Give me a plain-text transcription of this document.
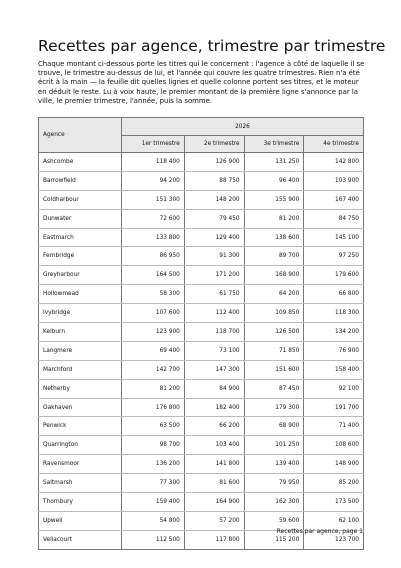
Recettes par agence, trimestre par trimestre

Chaque montant ci-dessous porte les titres qui le concernent : l'agence à côté de laquelle il se trouve, le trimestre au-dessus de lui, et l'année qui couvre les quatre trimestres. Rien n'a été écrit à la main — la feuille dit quelles lignes et quelle colonne portent ses titres, et le moteur en déduit le reste. Lu à voix haute, le premier montant de la première ligne s'annonce par la ville, le premier trimestre, l'année, puis la somme.

Agence	2026			
	1er trimestre	2e trimestre	3e trimestre	4e trimestre
Ashcombe	118 400	126 900	131 250	142 800
Barrowfield	94 200	88 750	96 400	103 900
Coldharbour	151 300	148 200	155 900	167 400
Dunwater	72 600	79 450	81 200	84 750
Eastmarch	133 800	129 400	138 600	145 100
Fernbridge	86 950	91 300	89 700	97 250
Greyharbour	164 500	171 200	168 900	179 600
Hollowmead	58 300	61 750	64 200	66 800
Ivybridge	107 600	112 400	109 850	118 300
Kelburn	123 900	118 700	126 500	134 200
Langmere	69 400	73 100	71 850	76 900
Marchford	142 700	147 300	151 600	158 400
Netherby	81 200	84 900	87 450	92 100
Oakhaven	176 800	182 400	179 300	191 700
Penwick	63 500	66 200	68 900	71 400
Quarrington	98 700	103 400	101 250	108 600
Ravensmoor	136 200	141 800	139 400	148 900
Saltmarsh	77 300	81 600	79 950	85 200
Thornbury	159 400	164 900	162 300	173 500
Upwell	54 800	57 200	59 600	62 100
Vellacourt	112 500	117 800	115 200	123 700
Recettes par agence, page 1
